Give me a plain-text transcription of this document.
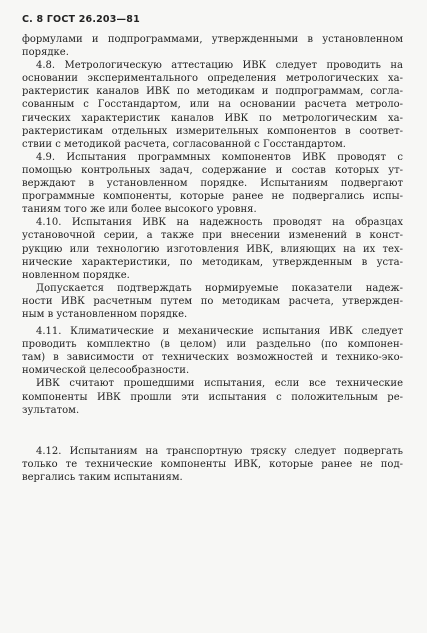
С. 8 ГОСТ 26.203—81
формулами и подпрограммами, утвержденными в установленном
порядке.
4.8. Метрологическую аттестацию ИВК следует проводить на
основании экспериментального определения метрологических ха-
рактеристик каналов ИВК по методикам и подпрограммам, согла-
сованным с Госстандартом, или на основании расчета метроло-
гических характеристик каналов ИВК по метрологическим ха-
рактеристикам отдельных измерительных компонентов в соответ-
ствии с методикой расчета, согласованной с Госстандартом.
4.9. Испытания программных компонентов ИВК проводят с
помощью контрольных задач, содержание и состав которых ут-
верждают в установленном порядке. Испытаниям подвергают
программные компоненты, которые ранее не подвергались испы-
таниям того же или более высокого уровня.
4.10. Испытания ИВК на надежность проводят на образцах
установочной серии, а также при внесении изменений в конст-
рукцию или технологию изготовления ИВК, влияющих на их тех-
нические характеристики, по методикам, утвержденным в уста-
новленном порядке.
Допускается подтверждать нормируемые показатели надеж-
ности ИВК расчетным путем по методикам расчета, утвержден-
ным в установленном порядке.
4.11. Климатические и механические испытания ИВК следует
проводить комплектно (в целом) или раздельно (по компонен-
там) в зависимости от технических возможностей и технико-эко-
номической целесообразности.
ИВК считают прошедшими испытания, если все технические
компоненты ИВК прошли эти испытания с положительным ре-
зультатом.
4.12. Испытаниям на транспортную тряску следует подвергать
только те технические компоненты ИВК, которые ранее не под-
вергались таким испытаниям.
